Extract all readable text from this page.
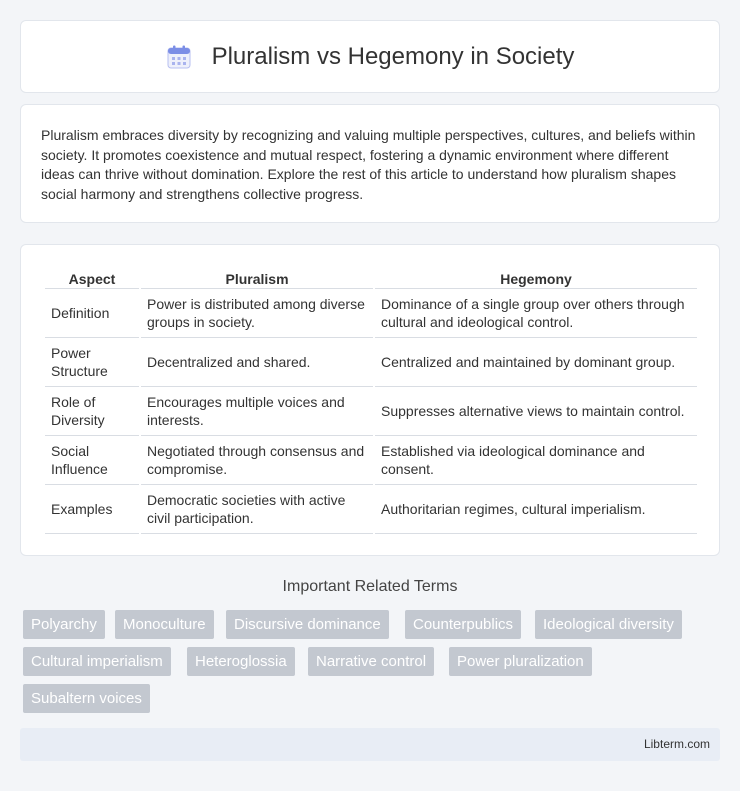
Pluralism vs Hegemony in Society

Pluralism embraces diversity by recognizing and valuing multiple perspectives, cultures, and beliefs within society. It promotes coexistence and mutual respect, fostering a dynamic environment where different ideas can thrive without domination. Explore the rest of this article to understand how pluralism shapes social harmony and strengthens collective progress.

Aspect	Pluralism	Hegemony
Definition	Power is distributed among diverse groups in society.	Dominance of a single group over others through cultural and ideological control.
Power Structure	Decentralized and shared.	Centralized and maintained by dominant group.
Role of Diversity	Encourages multiple voices and interests.	Suppresses alternative views to maintain control.
Social Influence	Negotiated through consensus and compromise.	Established via ideological dominance and consent.
Examples	Democratic societies with active civil participation.	Authoritarian regimes, cultural imperialism.
Important Related Terms
Polyarchy	Monoculture	Discursive dominance	Counterpublics	Ideological diversity
Cultural imperialism	Heteroglossia	Narrative control	Power pluralization
Subaltern voices
Libterm.com
